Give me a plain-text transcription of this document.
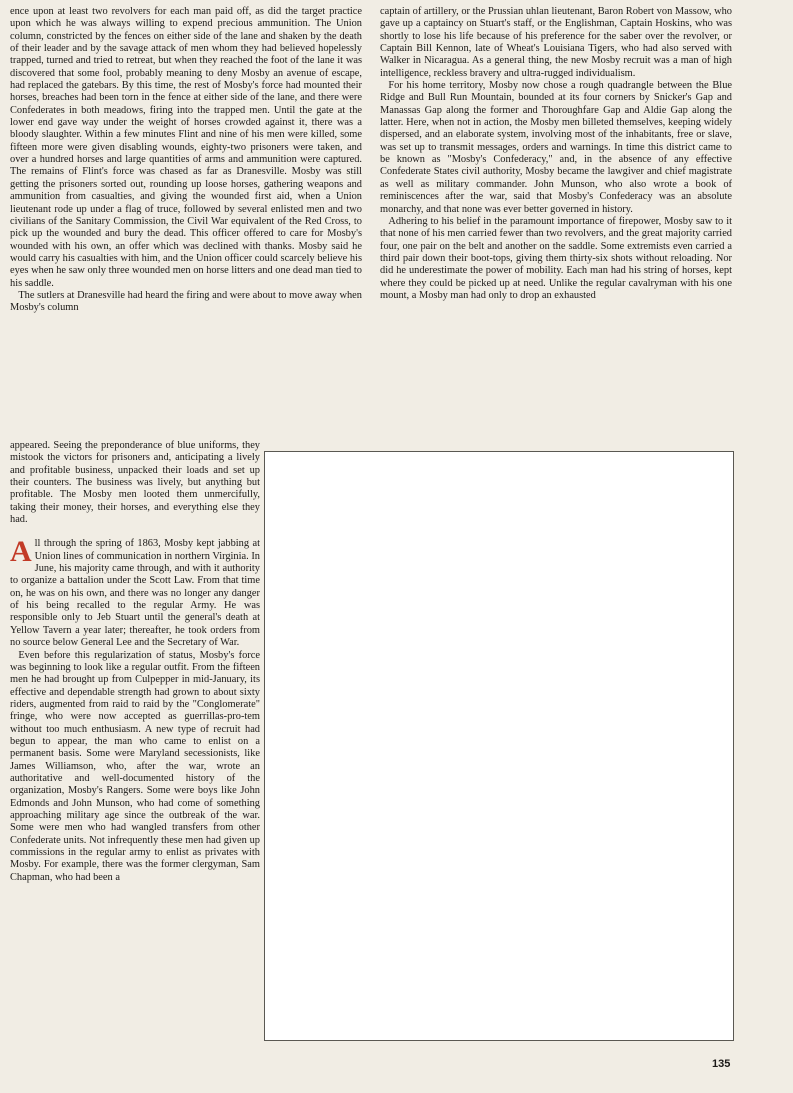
ence upon at least two revolvers for each man paid off, as did the target practice upon which he was always willing to expend precious ammunition. The Union column, constricted by the fences on either side of the lane and shaken by the death of their leader and by the savage attack of men whom they had believed hopelessly trapped, turned and tried to retreat, but when they reached the foot of the lane it was discovered that some fool, probably meaning to deny Mosby an avenue of escape, had replaced the gatebars. By this time, the rest of Mosby's force had mounted their horses, breaches had been torn in the fence at either side of the lane, and there were Confederates in both meadows, firing into the trapped men. Until the gate at the lower end gave way under the weight of horses crowded against it, there was a bloody slaughter. Within a few minutes Flint and nine of his men were killed, some fifteen more were given disabling wounds, eighty-two prisoners were taken, and over a hundred horses and large quantities of arms and ammunition were captured. The remains of Flint's force was chased as far as Dranesville. Mosby was still getting the prisoners sorted out, rounding up loose horses, gathering weapons and ammunition from casualties, and giving the wounded first aid, when a Union lieutenant rode up under a flag of truce, followed by several enlisted men and two civilians of the Sanitary Commission, the Civil War equivalent of the Red Cross, to pick up the wounded and bury the dead. This officer offered to care for Mosby's wounded with his own, an offer which was declined with thanks. Mosby said he would carry his casualties with him, and the Union officer could scarcely believe his eyes when he saw only three wounded men on horse litters and one dead man tied to his saddle.

The sutlers at Dranesville had heard the firing and were about to move away when Mosby's column

appeared. Seeing the preponderance of blue uniforms, they mistook the victors for prisoners and, anticipating a lively and profitable business, unpacked their loads and set up their counters. The business was lively, but anything but profitable. The Mosby men looted them unmercifully, taking their money, their horses, and everything else they had.

All through the spring of 1863, Mosby kept jabbing at Union lines of communication in northern Virginia. In June, his majority came through, and with it authority to organize a battalion under the Scott Law. From that time on, he was on his own, and there was no longer any danger of his being recalled to the regular Army. He was responsible only to Jeb Stuart until the general's death at Yellow Tavern a year later; thereafter, he took orders from no source below General Lee and the Secretary of War.

Even before this regularization of status, Mosby's force was beginning to look like a regular outfit. From the fifteen men he had brought up from Culpepper in mid-January, its effective and dependable strength had grown to about sixty riders, augmented from raid to raid by the "Conglomerate" fringe, who were now accepted as guerrillas-pro-tem without too much enthusiasm. A new type of recruit had begun to appear, the man who came to enlist on a permanent basis. Some were Maryland secessionists, like James Williamson, who, after the war, wrote an authoritative and well-documented history of the organization, Mosby's Rangers. Some were boys like John Edmonds and John Munson, who had come of something approaching military age since the outbreak of the war. Some were men who had wangled transfers from other Confederate units. Not infrequently these men had given up commissions in the regular army to enlist as privates with Mosby. For example, there was the former clergyman, Sam Chapman, who had been a

captain of artillery, or the Prussian uhlan lieutenant, Baron Robert von Massow, who gave up a captaincy on Stuart's staff, or the Englishman, Captain Hoskins, who was shortly to lose his life because of his preference for the saber over the revolver, or Captain Bill Kennon, late of Wheat's Louisiana Tigers, who had also served with Walker in Nicaragua. As a general thing, the new Mosby recruit was a man of high intelligence, reckless bravery and ultra-rugged individualism.

For his home territory, Mosby now chose a rough quadrangle between the Blue Ridge and Bull Run Mountain, bounded at its four corners by Snicker's Gap and Manassas Gap along the former and Thoroughfare Gap and Aldie Gap along the latter. Here, when not in action, the Mosby men billeted themselves, keeping widely dispersed, and an elaborate system, involving most of the inhabitants, free or slave, was set up to transmit messages, orders and warnings. In time this district came to be known as "Mosby's Confederacy," and, in the absence of any effective Confederate States civil authority, Mosby became the lawgiver and chief magistrate as well as military commander. John Munson, who also wrote a book of reminiscences after the war, said that Mosby's Confederacy was an absolute monarchy, and that none was ever better governed in history.

Adhering to his belief in the paramount importance of firepower, Mosby saw to it that none of his men carried fewer than two revolvers, and the great majority carried four, one pair on the belt and another on the saddle. Some extremists even carried a third pair down their boot-tops, giving them thirty-six shots without reloading. Nor did he underestimate the power of mobility. Each man had his string of horses, kept where they could be picked up at need. Unlike the regular cavalryman with his one mount, a Mosby man had only to drop an exhausted

135
